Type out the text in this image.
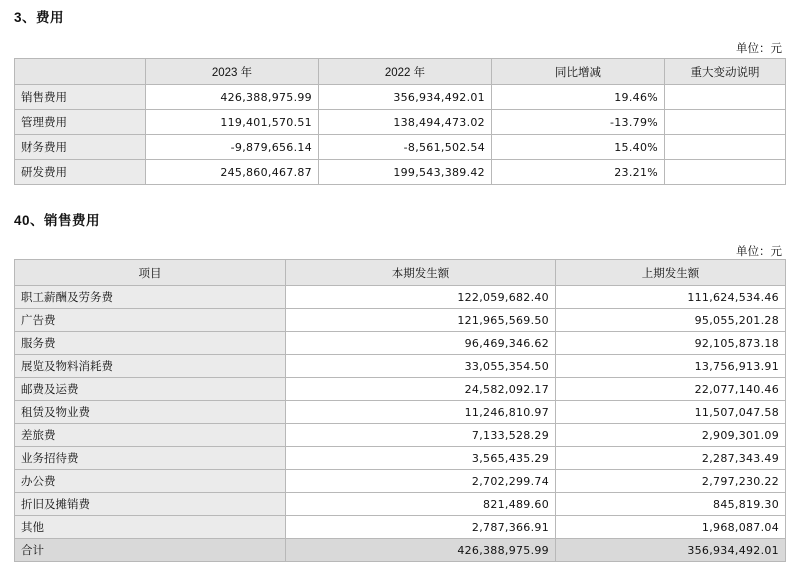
3、费用
单位：元
	2023 年	2022 年	同比增减	重大变动说明
销售费用	426,388,975.99	356,934,492.01	19.46%	
管理费用	119,401,570.51	138,494,473.02	-13.79%	
财务费用	-9,879,656.14	-8,561,502.54	15.40%	
研发费用	245,860,467.87	199,543,389.42	23.21%	
40、销售费用
单位：元
项目	本期发生额	上期发生额
职工薪酬及劳务费	122,059,682.40	111,624,534.46
广告费	121,965,569.50	95,055,201.28
服务费	96,469,346.62	92,105,873.18
展览及物料消耗费	33,055,354.50	13,756,913.91
邮费及运费	24,582,092.17	22,077,140.46
租赁及物业费	11,246,810.97	11,507,047.58
差旅费	7,133,528.29	2,909,301.09
业务招待费	3,565,435.29	2,287,343.49
办公费	2,702,299.74	2,797,230.22
折旧及摊销费	821,489.60	845,819.30
其他	2,787,366.91	1,968,087.04
合计	426,388,975.99	356,934,492.01
